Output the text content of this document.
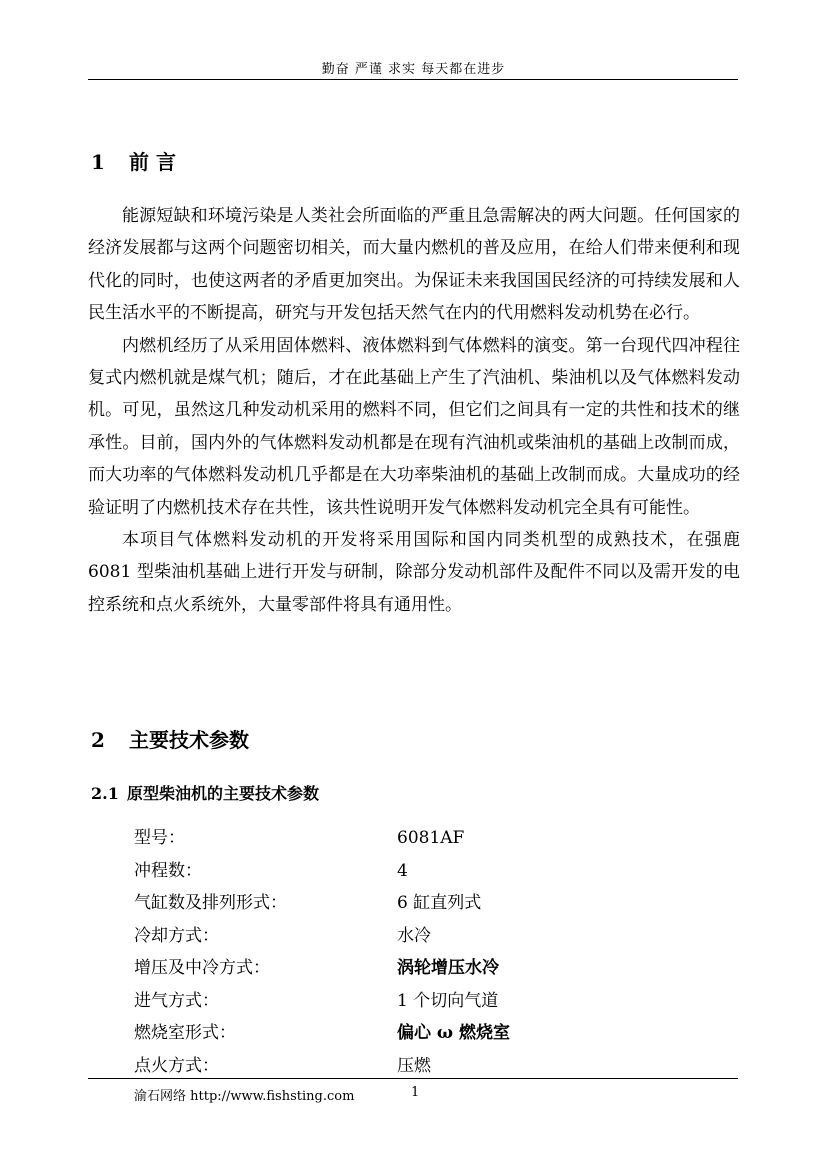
勤奋 严谨 求实 每天都在进步
1 前 言

能源短缺和环境污染是人类社会所面临的严重且急需解决的两大问题。任何国家的经济发展都与这两个问题密切相关，而大量内燃机的普及应用，在给人们带来便利和现代化的同时，也使这两者的矛盾更加突出。为保证未来我国国民经济的可持续发展和人民生活水平的不断提高，研究与开发包括天然气在内的代用燃料发动机势在必行。

内燃机经历了从采用固体燃料、液体燃料到气体燃料的演变。第一台现代四冲程往复式内燃机就是煤气机；随后，才在此基础上产生了汽油机、柴油机以及气体燃料发动机。可见，虽然这几种发动机采用的燃料不同，但它们之间具有一定的共性和技术的继承性。目前，国内外的气体燃料发动机都是在现有汽油机或柴油机的基础上改制而成，而大功率的气体燃料发动机几乎都是在大功率柴油机的基础上改制而成。大量成功的经验证明了内燃机技术存在共性，该共性说明开发气体燃料发动机完全具有可能性。

本项目气体燃料发动机的开发将采用国际和国内同类机型的成熟技术，在强鹿 6081 型柴油机基础上进行开发与研制，除部分发动机部件及配件不同以及需开发的电控系统和点火系统外，大量零部件将具有通用性。

2 主要技术参数
2.1 原型柴油机的主要技术参数
型号：	6081AF
冲程数：	4
气缸数及排列形式：	6 缸直列式
冷却方式：	水冷
增压及中冷方式：	涡轮增压水冷
进气方式：	1 个切向气道
燃烧室形式：	偏心 ω 燃烧室
点火方式：	压燃
渝石网络 http://www.fishsting.com	1
